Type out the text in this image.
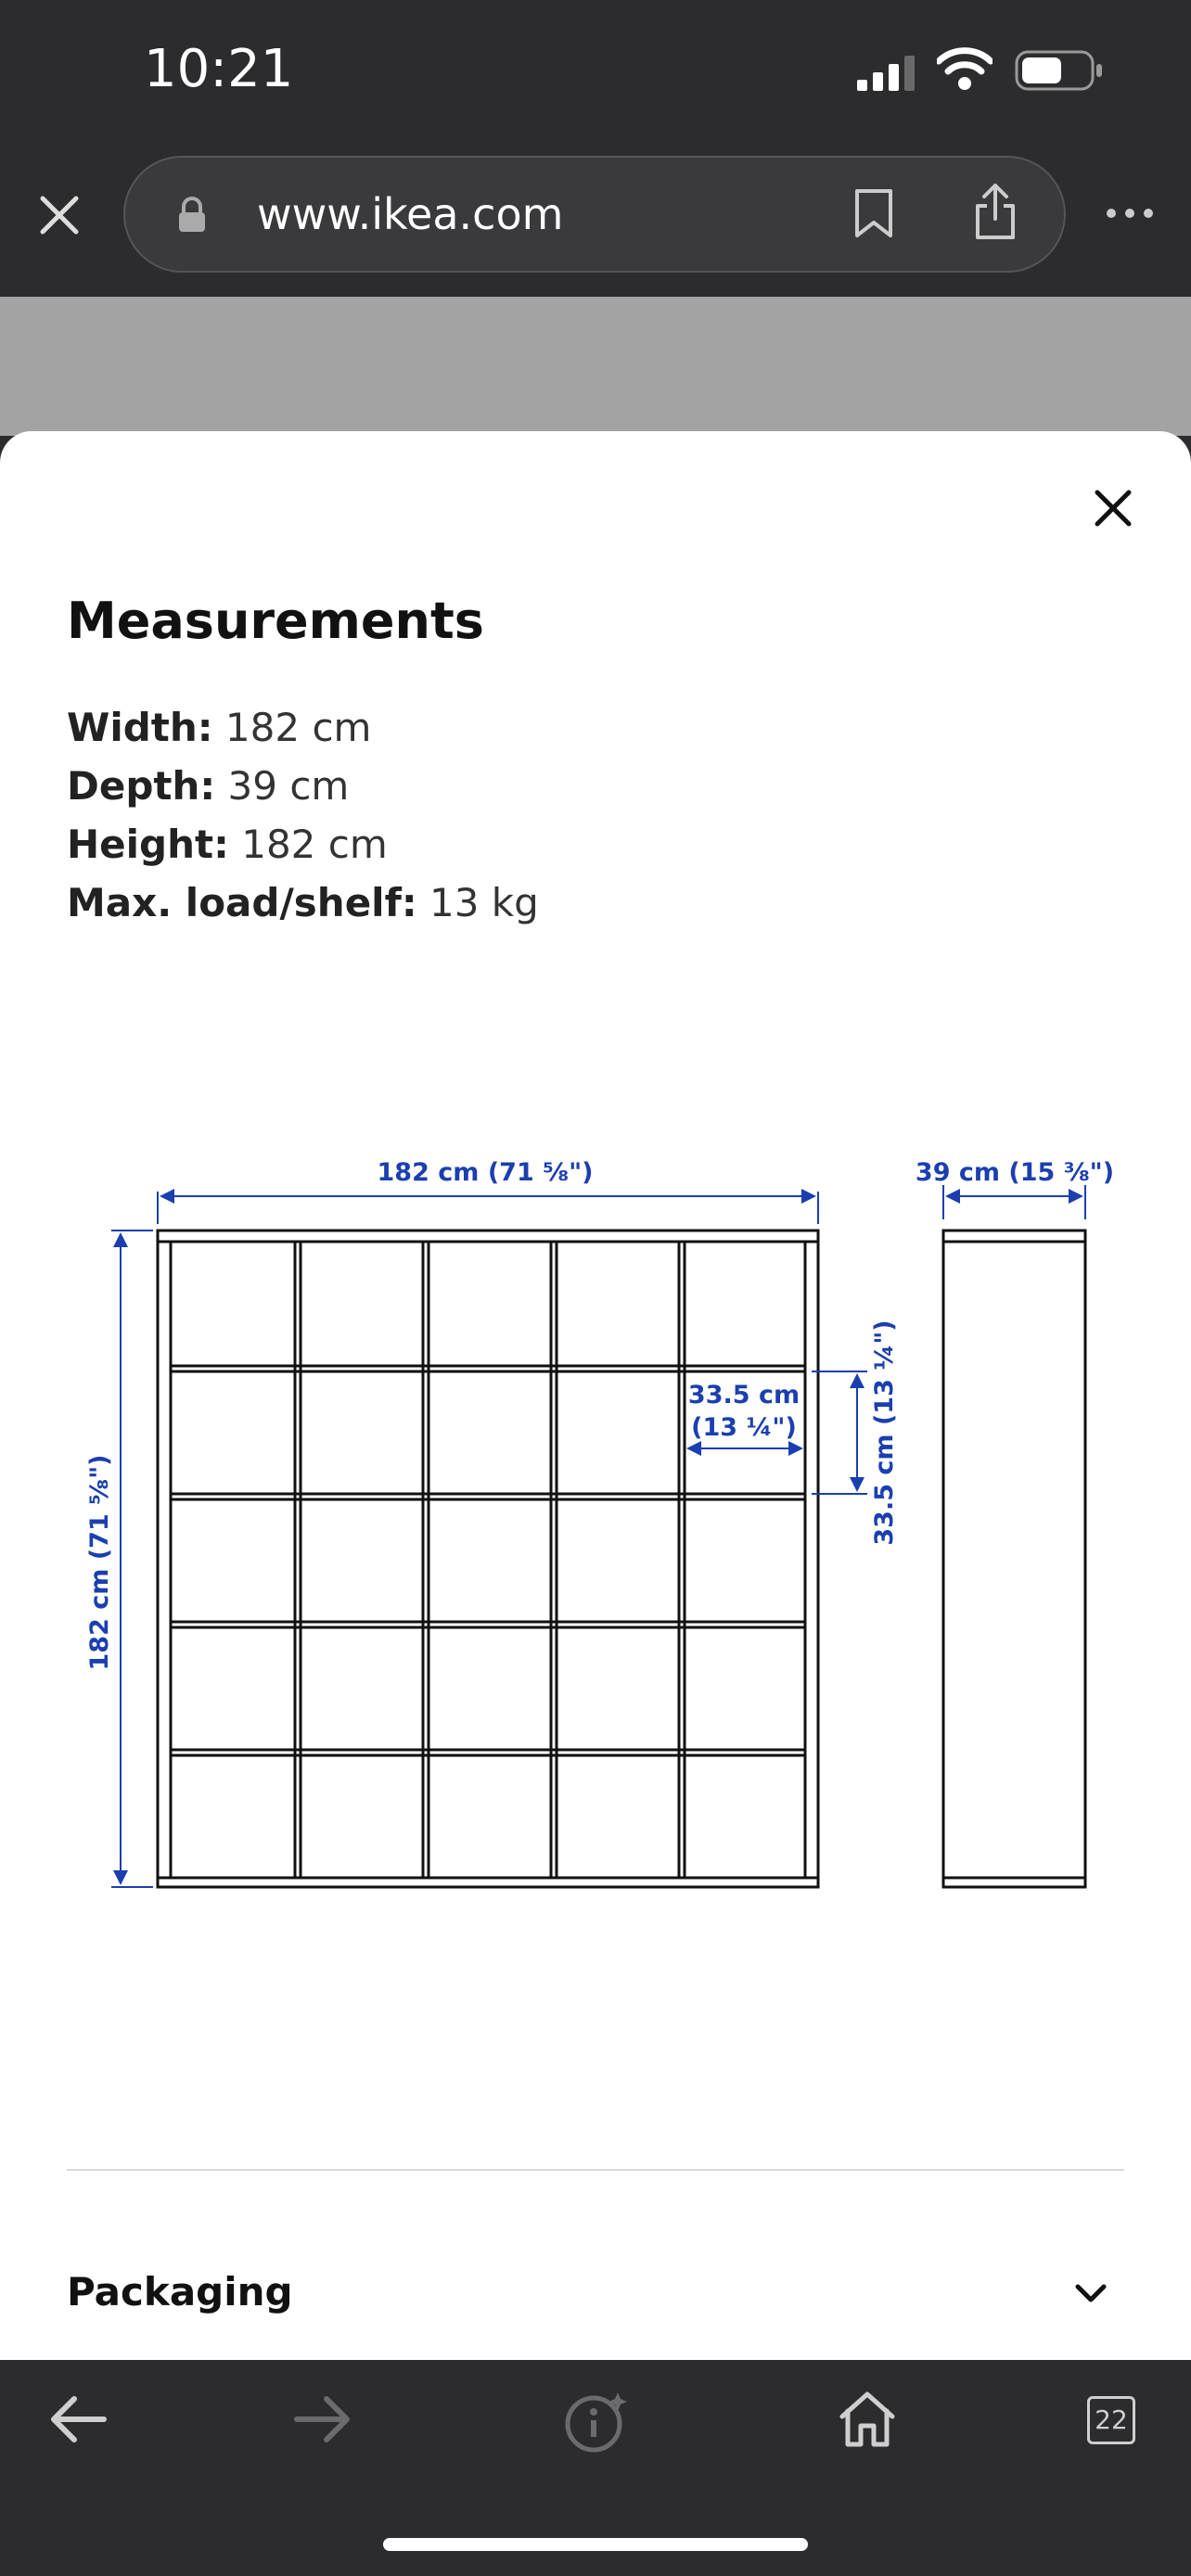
10:21
www.ikea.com
Measurements
Width: 182 cm
Depth: 39 cm
Height: 182 cm
Max. load/shelf: 13 kg
182 cm (71 ⅝")	39 cm (15 ⅜")
33.5 cm
(13 ¼")	33.5 cm (13 ¼")
182 cm (71 ⅝")
Packaging
22
